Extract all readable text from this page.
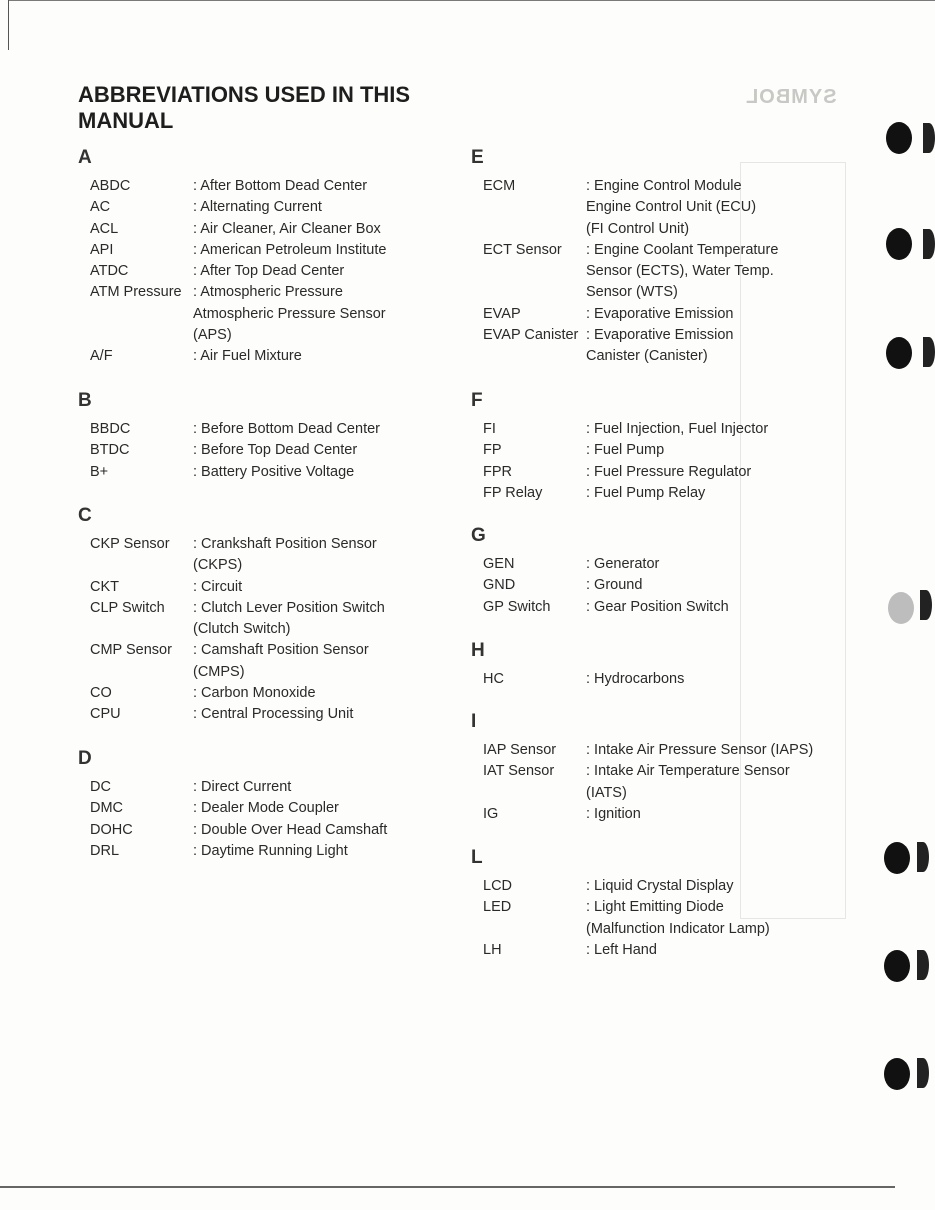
SYMBOL
ABBREVIATIONS USED IN THIS MANUAL
A
ABDC	: After Bottom Dead Center
AC	: Alternating Current
ACL	: Air Cleaner, Air Cleaner Box
API	: American Petroleum Institute
ATDC	: After Top Dead Center
ATM Pressure : Atmospheric Pressure
Atmospheric Pressure Sensor
(APS)
A/F	: Air Fuel Mixture
B
BBDC	: Before Bottom Dead Center
BTDC	: Before Top Dead Center
B+	: Battery Positive Voltage
C
CKP Sensor	: Crankshaft Position Sensor
(CKPS)
CKT	: Circuit
CLP Switch	: Clutch Lever Position Switch
(Clutch Switch)
CMP Sensor	: Camshaft Position Sensor
(CMPS)
CO	: Carbon Monoxide
CPU	: Central Processing Unit
D
DC	: Direct Current
DMC	: Dealer Mode Coupler
DOHC	: Double Over Head Camshaft
DRL	: Daytime Running Light
E
ECM	: Engine Control Module
Engine Control Unit (ECU)
(FI Control Unit)
ECT Sensor	: Engine Coolant Temperature
Sensor (ECTS), Water Temp.
Sensor (WTS)
EVAP	: Evaporative Emission
EVAP Canister : Evaporative Emission
Canister (Canister)
F
FI	: Fuel Injection, Fuel Injector
FP	: Fuel Pump
FPR	: Fuel Pressure Regulator
FP Relay	: Fuel Pump Relay
G
GEN	: Generator
GND	: Ground
GP Switch	: Gear Position Switch
H
HC	: Hydrocarbons
I
IAP Sensor	: Intake Air Pressure Sensor (IAPS)
IAT Sensor	: Intake Air Temperature Sensor
(IATS)
IG	: Ignition
L
LCD	: Liquid Crystal Display
LED	: Light Emitting Diode
(Malfunction Indicator Lamp)
LH	: Left Hand
